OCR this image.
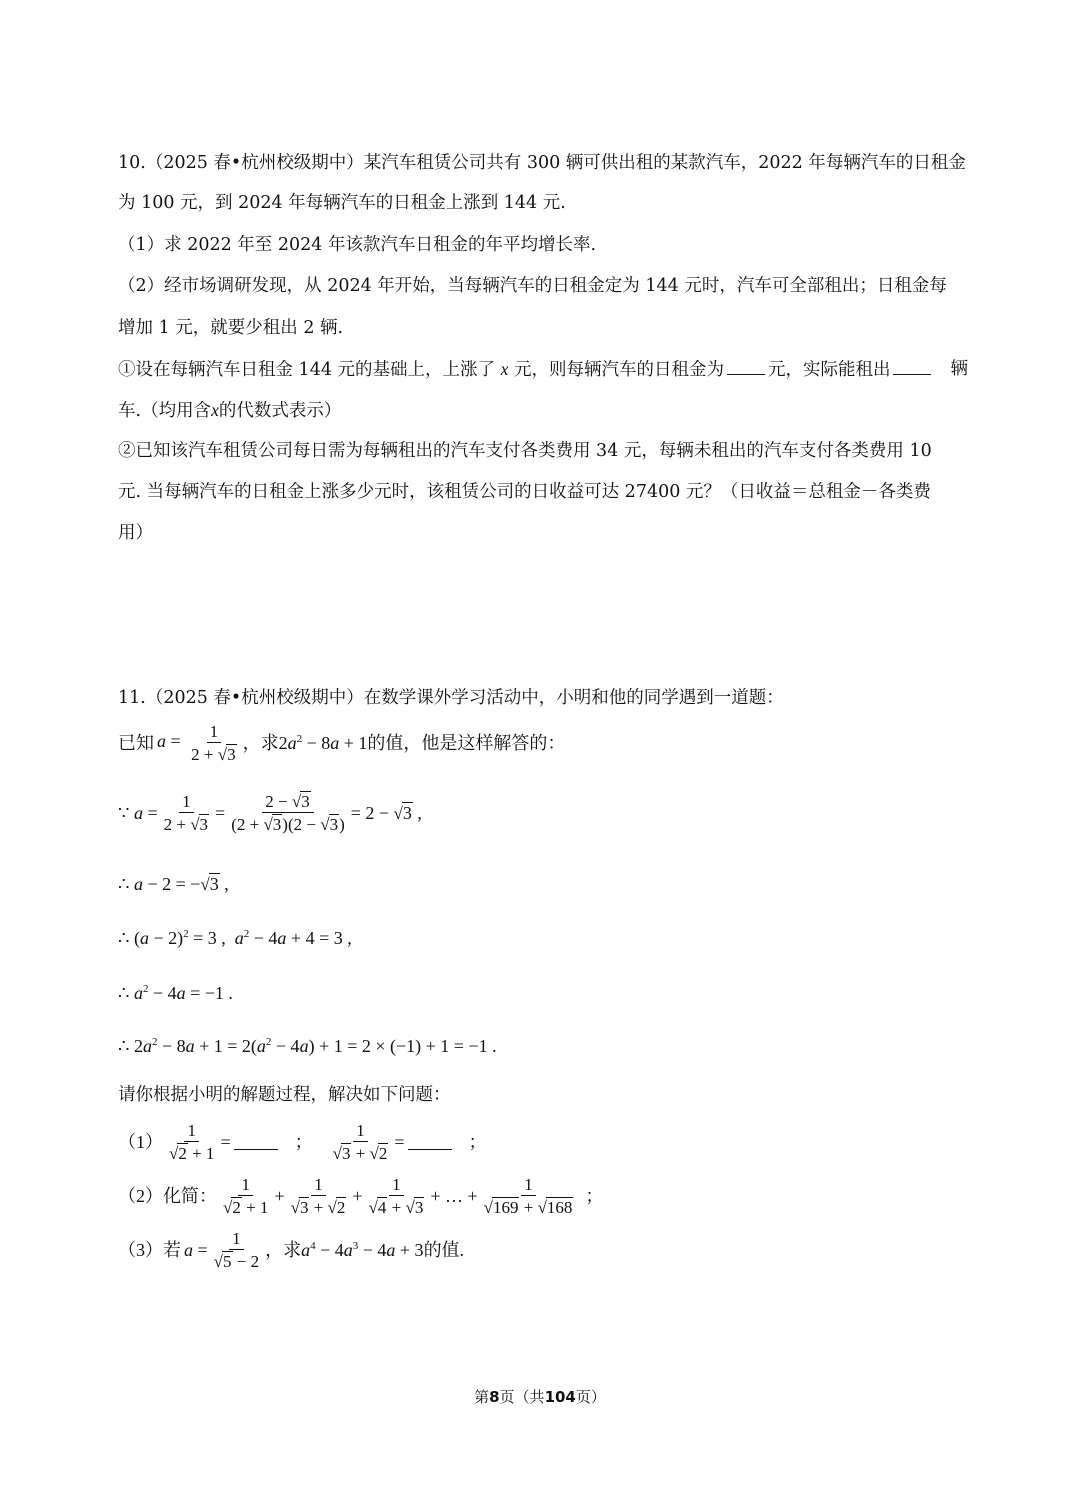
10.（2025 春•杭州校级期中）某汽车租赁公司共有 300 辆可供出租的某款汽车，2022 年每辆汽车的日租金
为 100 元，到 2024 年每辆汽车的日租金上涨到 144 元.
（1）求 2022 年至 2024 年该款汽车日租金的年平均增长率.
（2）经市场调研发现，从 2024 年开始，当每辆汽车的日租金定为 144 元时，汽车可全部租出；日租金每
增加 1 元，就要少租出 2 辆.
①设在每辆汽车日租金 144 元的基础上，上涨了 x 元，则每辆汽车的日租金为	元，实际能租出	辆
车.（均用含x的代数式表示）
②已知该汽车租赁公司每日需为每辆租出的汽车支付各类费用 34 元，每辆未租出的汽车支付各类费用 10
元. 当每辆汽车的日租金上涨多少元时，该租赁公司的日收益可达 27400 元？（日收益＝总租金－各类费
用）
11.（2025 春•杭州校级期中）在数学课外学习活动中，小明和他的同学遇到一道题：
已知 $a = \frac{1}{2 + √3}$ ，求 $2a^2 - 8a + 1$ 的值，他是这样解答的：
∵ $a = \frac{1}{2 + √3} = \frac{2 - √3}{(2 + √3)(2 - √3)} = 2 - √3$ ,
∴ a − 2 = −√3 ,
∴ $(a - 2)^2 = 3$ ,  $a^2 - 4a + 4 = 3$ ,
∴ $a^2 - 4a = -1$ .
∴ $2a^2 - 8a + 1 = 2(a^2 - 4a) + 1 = 2 \times (-1) + 1 = -1$ .
请你根据小明的解题过程，解决如下问题：
$(1) \frac{1}{√2 + 1}$ =	； $\frac{1}{√3 + √2}$ =	；
（2）化简： $\frac{1}{√2 + 1} + \frac{1}{√3 + √2} + \frac{1}{√4 + √3}$ + … + $\frac{1}{√169 + √168}$ ；
（3）若 $a = \frac{1}{√5 - 2}$ ，求 $a^4 - 4a^3 - 4a + 3$ 的值.
第8页（共104页）
